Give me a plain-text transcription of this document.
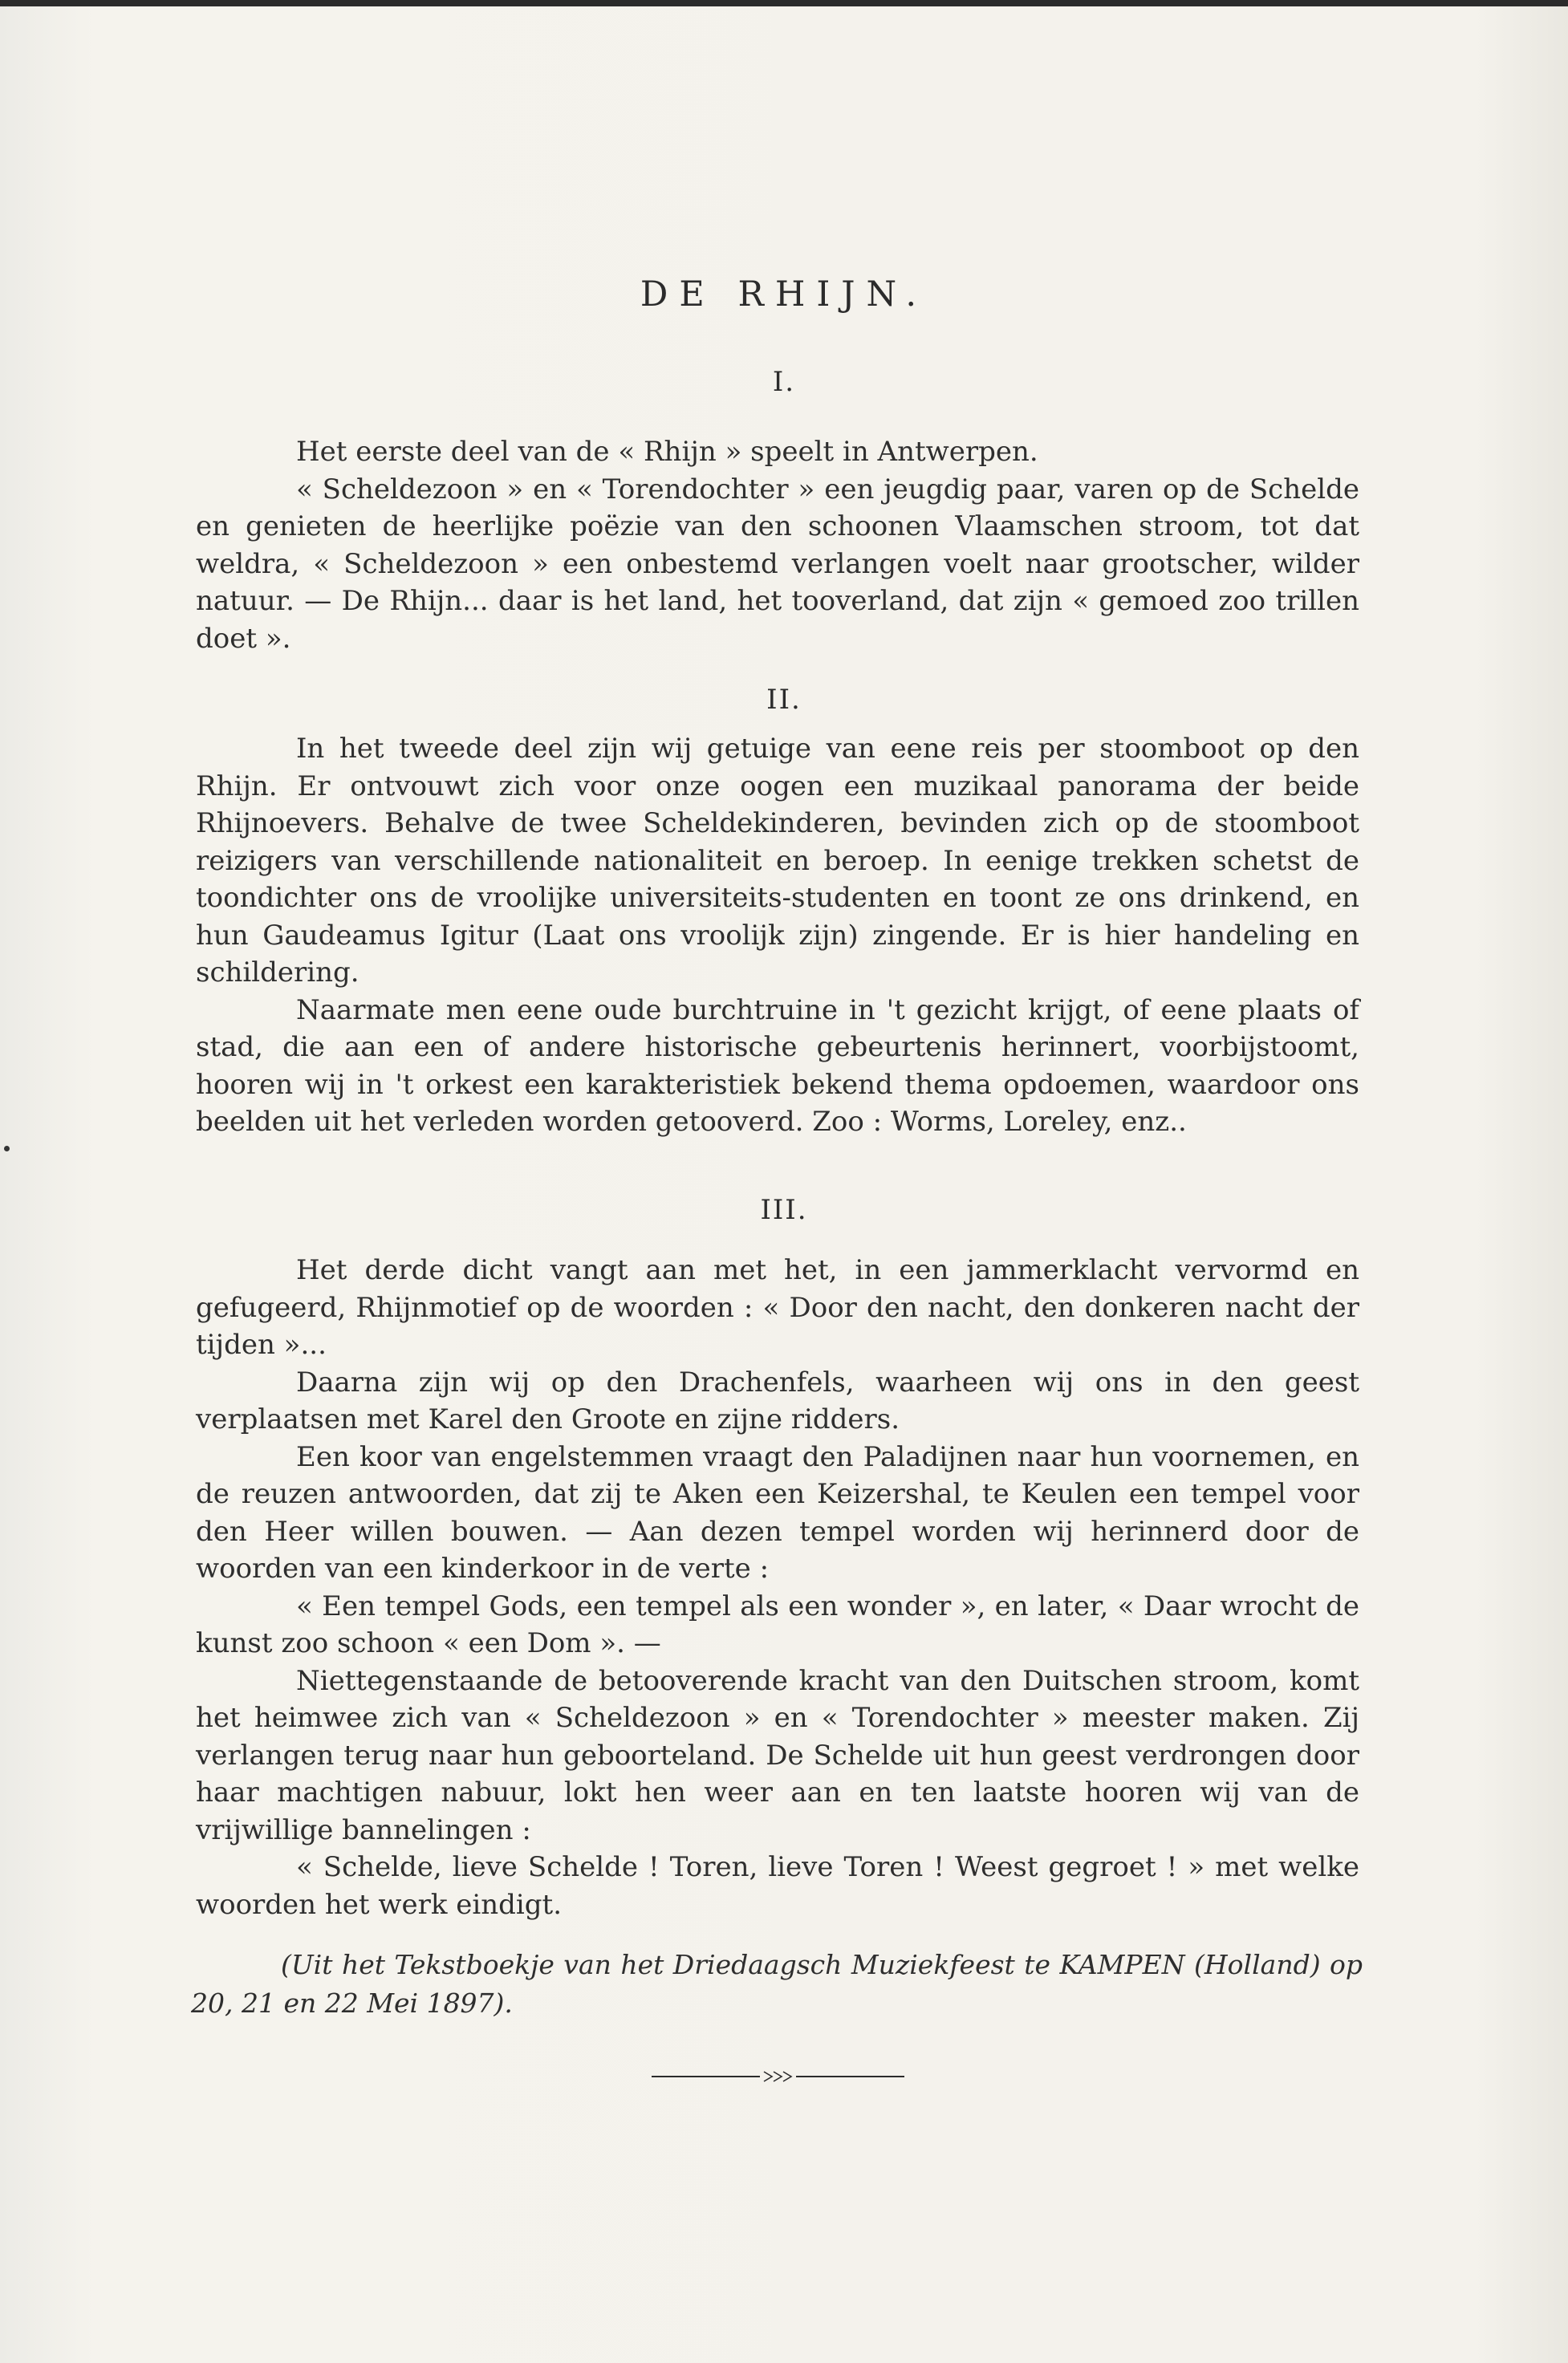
DE RHIJN.
I.

Het eerste deel van de « Rhijn » speelt in Antwerpen.

« Scheldezoon » en « Torendochter » een jeugdig paar, varen op de Schelde en genieten de heerlijke poëzie van den schoonen Vlaamschen stroom, tot dat weldra, « Scheldezoon » een onbestemd verlangen voelt naar grootscher, wilder natuur. — De Rhijn... daar is het land, het tooverland, dat zijn « gemoed zoo trillen doet ».

II.

In het tweede deel zijn wij getuige van eene reis per stoomboot op den Rhijn. Er ontvouwt zich voor onze oogen een muzikaal panorama der beide Rhijnoevers. Behalve de twee Scheldekinderen, bevinden zich op de stoomboot reizigers van verschillende nationaliteit en beroep. In eenige trekken schetst de toondichter ons de vroolijke universiteits-studenten en toont ze ons drinkend, en hun Gaudeamus Igitur (Laat ons vroolijk zijn) zingende. Er is hier handeling en schildering.

Naarmate men eene oude burchtruine in 't gezicht krijgt, of eene plaats of stad, die aan een of andere historische gebeurtenis herinnert, voorbijstoomt, hooren wij in 't orkest een karakteristiek bekend thema opdoemen, waardoor ons beelden uit het verleden worden getooverd. Zoo : Worms, Loreley, enz..

III.

Het derde dicht vangt aan met het, in een jammerklacht vervormd en gefugeerd, Rhijnmotief op de woorden : « Door den nacht, den donkeren nacht der tijden »...

Daarna zijn wij op den Drachenfels, waarheen wij ons in den geest verplaatsen met Karel den Groote en zijne ridders.

Een koor van engelstemmen vraagt den Paladijnen naar hun voornemen, en de reuzen antwoorden, dat zij te Aken een Keizershal, te Keulen een tempel voor den Heer willen bouwen. — Aan dezen tempel worden wij herinnerd door de woorden van een kinderkoor in de verte :

« Een tempel Gods, een tempel als een wonder », en later, « Daar wrocht de kunst zoo schoon « een Dom ». —

Niettegenstaande de betooverende kracht van den Duitschen stroom, komt het heimwee zich van « Scheldezoon » en « Torendochter » meester maken. Zij verlangen terug naar hun geboorteland. De Schelde uit hun geest verdrongen door haar machtigen nabuur, lokt hen weer aan en ten laatste hooren wij van de vrijwillige bannelingen :

« Schelde, lieve Schelde ! Toren, lieve Toren ! Weest gegroet ! » met welke woorden het werk eindigt.

(Uit het Tekstboekje van het Driedaagsch Muziekfeest te KAMPEN (Holland) op 20, 21 en 22 Mei 1897).
